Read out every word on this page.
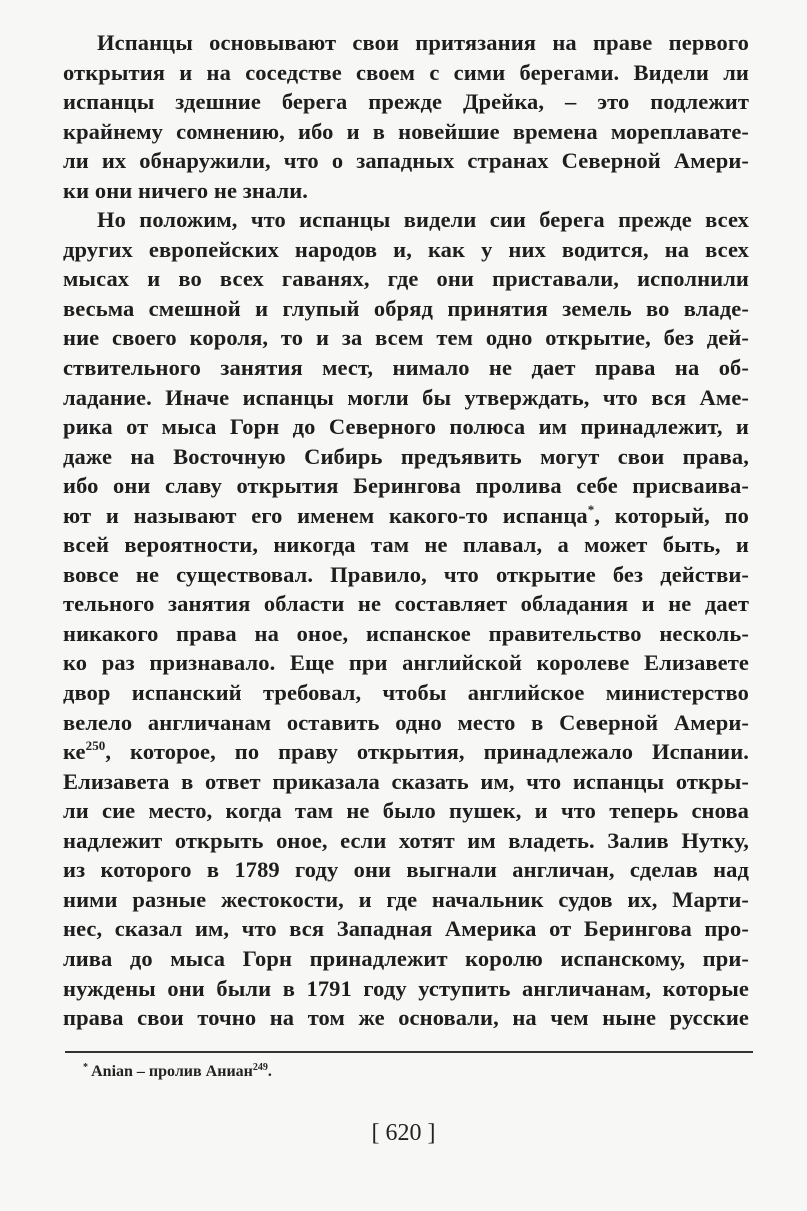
Испанцы основывают свои притязания на праве первого
открытия и на соседстве своем с сими берегами. Видели ли
испанцы здешние берега прежде Дрейка, – это подлежит
крайнему сомнению, ибо и в новейшие времена мореплавате-
ли их обнаружили, что о западных странах Северной Амери-
ки они ничего не знали.
Но положим, что испанцы видели сии берега прежде всех
других европейских народов и, как у них водится, на всех
мысах и во всех гаванях, где они приставали, исполнили
весьма смешной и глупый обряд принятия земель во владе-
ние своего короля, то и за всем тем одно открытие, без дей-
ствительного занятия мест, нимало не дает права на об-
ладание. Иначе испанцы могли бы утверждать, что вся Аме-
рика от мыса Горн до Северного полюса им принадлежит, и
даже на Восточную Сибирь предъявить могут свои права,
ибо они славу открытия Берингова пролива себе присваива-
ют и называют его именем какого-то испанца*, который, по
всей вероятности, никогда там не плавал, а может быть, и
вовсе не существовал. Правило, что открытие без действи-
тельного занятия области не составляет обладания и не дает
никакого права на оное, испанское правительство несколь-
ко раз признавало. Еще при английской королеве Елизавете
двор испанский требовал, чтобы английское министерство
велело англичанам оставить одно место в Северной Амери-
$ке^{250}$, которое, по праву открытия, принадлежало Испании.
Елизавета в ответ приказала сказать им, что испанцы откры-
ли сие место, когда там не было пушек, и что теперь снова
надлежит открыть оное, если хотят им владеть. Залив Нутку,
из которого в 1789 году они выгнали англичан, сделав над
ними разные жестокости, и где начальник судов их, Марти-
нес, сказал им, что вся Западная Америка от Берингова про-
лива до мыса Горн принадлежит королю испанскому, при-
нуждены они были в 1791 году уступить англичанам, которые
права свои точно на том же основали, на чем ныне русские
* Anian – пролив Аниан$^{249}$.
[ 620 ]
